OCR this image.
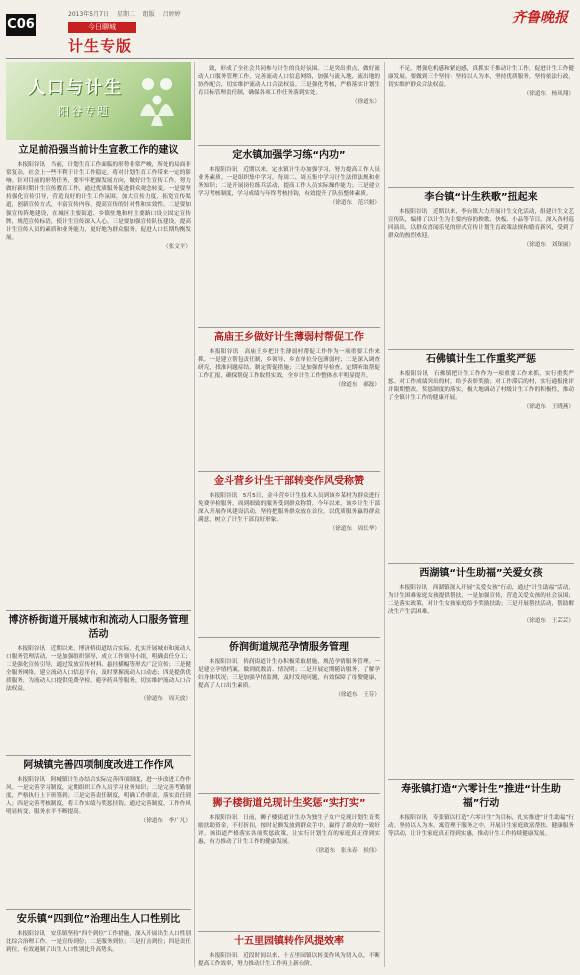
C06
2013年5月7日 星期二 组版 吕婷婷
今日聊城
计生专版
齐鲁晚报
人口与计生
阳谷专题
立足前沿强当前计生宣教工作的建议
本报阳谷讯　当前，计划生育工作面临的形势非常严峻，所处的局面非常复杂，社会上一些不利于计生工作稳定，将对计划生育工作带来一定的影响。针对目前的形势任务，要牢牢把握发展方向，做好计生宣传工作，努力做好新时期计生宣传教育工作，通过优质服务促进群众观念转变。一是要坚持强化宣传引导，营造良好的计生工作氛围，加大宣传力度，拓宽宣传渠道，创新宣传方式，丰富宣传内容，提高宣传的针对性和实效性。二是要加强宣传阵地建设，在城区主要街道、乡镇驻地和村主要路口设立固定宣传牌，规范宣传标语，使计生宣传深入人心。三是要加强宣传队伍建设，提高计生宣传人员的素质和业务能力，更好地为群众服务，促进人口长期均衡发展。
（张文平）
博济桥街道开展城市和流动人口服务管理活动
本报阳谷讯　近期以来，博济桥街道结合实际，扎实开展城市和流动人口服务管理活动。一是加强组织领导，成立工作领导小组，明确责任分工；二是强化宣传引导，通过发放宣传材料、悬挂横幅等形式广泛宣传；三是健全服务网络，建立流动人口信息平台，及时掌握流动人口动态；四是提供优质服务，为流动人口提供免费孕检、避孕药具等服务，切实维护流动人口合法权益。
（徐道东　周天放）
阿城镇完善四项制度改进工作作风
本报阳谷讯　阿城镇计生办结合实际完善四项制度，进一步改进工作作风。一是完善学习制度，定期组织工作人员学习业务知识；二是完善考勤制度，严格执行上下班签到；三是完善责任制度，明确工作职责，落实责任到人；四是完善考核制度，将工作实绩与奖惩挂钩。通过完善制度，工作作风明显转变，服务水平不断提高。
（徐道东　李广凡）
安乐镇“四到位”治理出生人口性别比
本报阳谷讯　安乐镇坚持“四个到位”工作措施，深入开展出生人口性别比综合治理工作。一是宣传到位；二是服务到位；三是打击到位；四是责任到位，有效遏制了出生人口性别比升高势头。
致，形成了全社会共同参与计生的良好氛围。二是突出重点，做好流动人口服务管理工作，完善流动人口信息网络，加强与流入地、流出地的协作配合，切实维护流动人口合法权益。三是强化考核，严格落实计划生育目标管理责任制，确保各项工作任务落到实处。
（徐道东）
定水镇加强学习练“内功”
本报阳谷讯　近期以来，定水镇计生办加强学习，努力提高工作人员业务素质。一是组织集中学习，每周二、周五集中学习计生法律法规和业务知识；二是开展岗位练兵活动，提高工作人员实际操作能力；三是建立学习考核制度，学习成绩与年终考核挂钩，有效提升了队伍整体素质。
（徐道东　范兴魁）
高庙王乡做好计生薄弱村帮促工作
本报阳谷讯　高庙王乡把计生薄弱村帮促工作作为一项重要工作来抓。一是建立帮包责任制，乡领导、乡直单位分包薄弱村；二是深入调查研究，找准问题症结，制定帮促措施；三是加强督导检查，定期听取帮促工作汇报，确保帮促工作取得实效，全乡计生工作整体水平明显提升。
（徐道东　郝磊）
金斗营乡计生干部转变作风受称赞
本报阳谷讯　5月5日，金斗营乡计生技术人员到该乡某村为群众进行免费孕检服务，周到细致的服务受到群众称赞。今年以来，该乡计生干部深入开展作风建设活动，坚持把服务群众放在首位，以优质服务赢得群众满意，树立了计生干部良好形象。
（徐道东　周长华）
侨润街道规范孕情服务管理
本报阳谷讯　侨润街道计生办积极采取措施，规范孕情服务管理。一是建立孕情档案，做到底数清、情况明；二是开展定期随访服务，了解孕妇身体状况；三是加强孕情监测，及时发现问题，有效保障了母婴健康，提高了人口出生素质。
（徐道东　王芬）
狮子楼街道兑现计生奖惩“实打实”
本报阳谷讯　日前，狮子楼街道计生办为独生子女户兑现计划生育奖励扶助资金，不打折扣，按时足额发放到群众手中，赢得了群众的一致好评。该街道严格落实各项奖惩政策，让实行计划生育的家庭真正得到实惠，有力推动了计生工作的健康发展。
（徐道东　张永春　侯伟）
十五里园镇转作风提效率
本报阳谷讯　近段时间以来，十五里园镇以转变作风为切入点，不断提高工作效率，努力推动计生工作再上新台阶。
不足，增强危机感和紧迫感，真抓实干推动计生工作，促进计生工作健康发展。要做到三个坚持：坚持以人为本，坚持优质服务，坚持依法行政，切实维护群众合法权益。
（徐道东　杨凤翔）
李台镇“计生秩歌”扭起来
本报阳谷讯　近期以来，李台镇大力开展计生文化活动，组建计生文艺宣传队，编排了以计生为主要内容的秧歌、快板、小品等节目，深入各村巡回演出，以群众喜闻乐见的形式宣传计划生育政策法规和婚育新风，受到了群众的热烈欢迎。
（徐道东　刘琛丽）
石佛镇计生工作重奖严惩
本报阳谷讯　石佛镇把计生工作作为一项重要工作来抓，实行重奖严惩。对工作成绩突出的村，给予表彰奖励；对工作滞后的村，实行通报批评并限期整改。奖惩制度的落实，极大地调动了村级计生工作的积极性，推动了全镇计生工作的健康开展。
（徐道东　王晓燕）
西湖镇“计生助福”关爱女孩
本报阳谷讯　西湖镇深入开展“关爱女孩”行动，通过“计生助福”活动，为计生困难家庭女孩提供帮扶。一是加强宣传，营造关爱女孩的社会氛围；二是落实政策，对计生女孩家庭给予奖励扶助；三是开展帮扶活动，帮助解决生产生活困难。
（徐道东　王芸芸）
寿张镇打造“六零计生”推进“计生助福”行动
本报阳谷讯　寿张镇以打造“六零计生”为目标，扎实推进“计生助福”行动。坚持以人为本，寓管理于服务之中，开展计生家庭致富帮扶、健康服务等活动，让计生家庭真正得到实惠，推动计生工作持续健康发展。
